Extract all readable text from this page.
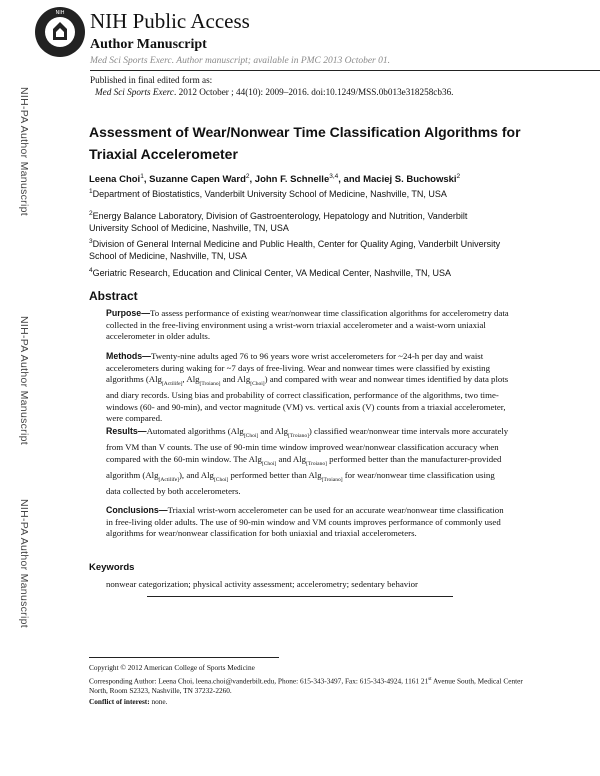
NIH NIH Public Access
Author Manuscript
Med Sci Sports Exerc. Author manuscript; available in PMC 2013 October 01.
Published in final edited form as:
Med Sci Sports Exerc. 2012 October ; 44(10): 2009–2016. doi:10.1249/MSS.0b013e318258cb36.
NIH-PA Author Manuscript
NIH-PA Author Manuscript
NIH-PA Author Manuscript
Assessment of Wear/Nonwear Time Classification Algorithms for Triaxial Accelerometer
Leena Choi$^1$, Suzanne Capen Ward$^2$, John F. Schnelle$^{3,4}$, and Maciej S. Buchowski$^2$
$^1$Department of Biostatistics, Vanderbilt University School of Medicine, Nashville, TN, USA
$^2$Energy Balance Laboratory, Division of Gastroenterology, Hepatology and Nutrition, Vanderbilt University School of Medicine, Nashville, TN, USA
$^3$Division of General Internal Medicine and Public Health, Center for Quality Aging, Vanderbilt University School of Medicine, Nashville, TN, USA
$^4$Geriatric Research, Education and Clinical Center, VA Medical Center, Nashville, TN, USA
Abstract
Purpose—To assess performance of existing wear/nonwear time classification algorithms for accelerometry data collected in the free-living environment using a wrist-worn triaxial accelerometer and a waist-worn uniaxial accelerometer in older adults.
Methods—Twenty-nine adults aged 76 to 96 years wore wrist accelerometers for ~24-h per day and waist accelerometers during waking for ~7 days of free-living. Wear and nonwear times were classified by existing algorithms (Alg$_{[Actilife]}$, Alg$_{[Troiano]}$ and Alg$_{[Choi]}$) and compared with wear and nonwear times identified by data plots and diary records. Using bias and probability of correct classification, performance of the algorithms, two time-windows (60- and 90-min), and vector magnitude (VM) vs. vertical axis (V) counts from a triaxial accelerometer, were compared.
Results—Automated algorithms (Alg$_{[Choi]}$ and Alg$_{[Troiano]}$) classified wear/nonwear time intervals more accurately from VM than V counts. The use of 90-min time window improved wear/nonwear classification accuracy when compared with the 60-min window. The Alg$_{[Choi]}$ and Alg$_{[Troiano]}$ performed better than the manufacturer-provided algorithm (Alg$_{[Actilife]}$), and Alg$_{[Choi]}$ performed better than Alg$_{[Troiano]}$ for wear/nonwear time classification using data collected by both accelerometers.
Conclusions—Triaxial wrist-worn accelerometer can be used for an accurate wear/nonwear time classification in free-living older adults. The use of 90-min window and VM counts improves performance of commonly used algorithms for wear/nonwear classification for both uniaxial and triaxial accelerometers.
Keywords
nonwear categorization; physical activity assessment; accelerometry; sedentary behavior
Copyright © 2012 American College of Sports Medicine
Corresponding Author: Leena Choi, leena.choi@vanderbilt.edu, Phone: 615-343-3497, Fax: 615-343-4924, 1161 21st Avenue South, Medical Center North, Room S2323, Nashville, TN 37232-2260.
Conflict of interest: none.
